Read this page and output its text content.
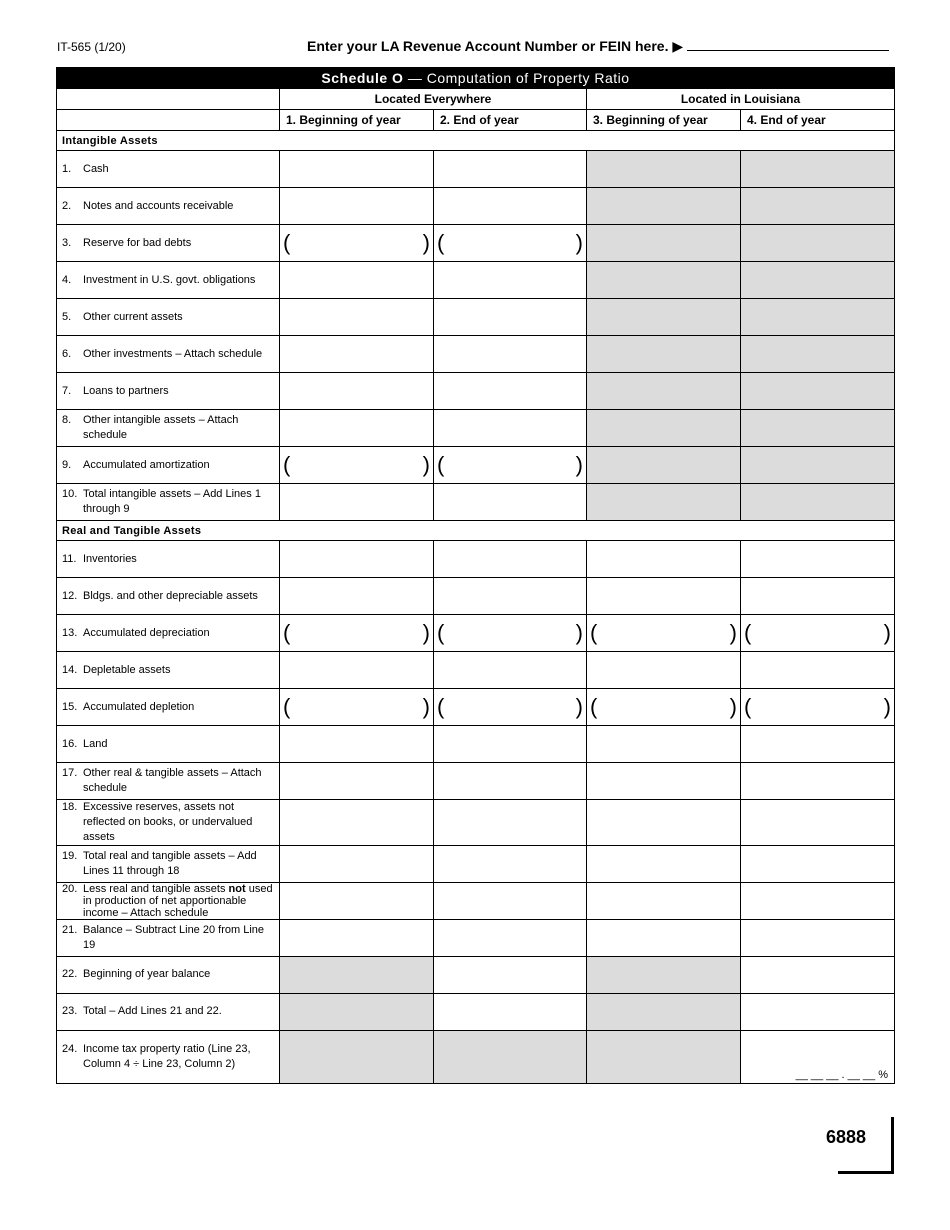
IT-565 (1/20)	Enter your LA Revenue Account Number or FEIN here. ▶
Schedule O — Computation of Property Ratio				
	Located Everywhere		Located in Louisiana	
	1. Beginning of year	2. End of year	3. Beginning of year	4. End of year
Intangible Assets				

1. Cash				

2. Notes and accounts receivable				

3. Reserve for bad debts	( )	( )		

4. Investment in U.S. govt. obligations				

5. Other current assets				

6. Other investments – Attach schedule				

7. Loans to partners				

8. Other intangible assets – Attach schedule				

9. Accumulated amortization	( )	( )		

10. Total intangible assets – Add Lines 1 through 9				

Real and Tangible Assets				

11. Inventories				

12. Bldgs. and other depreciable assets				

13. Accumulated depreciation	( )	( )	( )	( )

14. Depletable assets				

15. Accumulated depletion	( )	( )	( )	( )

16. Land				

17. Other real & tangible assets – Attach schedule				

18. Excessive reserves, assets not reflected on books, or undervalued assets				

19. Total real and tangible assets – Add Lines 11 through 18				

20. Less real and tangible assets not used in production of net apportionable income – Attach schedule				

21. Balance – Subtract Line 20 from Line 19				

22. Beginning of year balance				

23. Total – Add Lines 21 and 22.				

24. Income tax property ratio (Line 23, Column 4 ÷ Line 23, Column 2)				__ __ __ . __ __ %
6888
